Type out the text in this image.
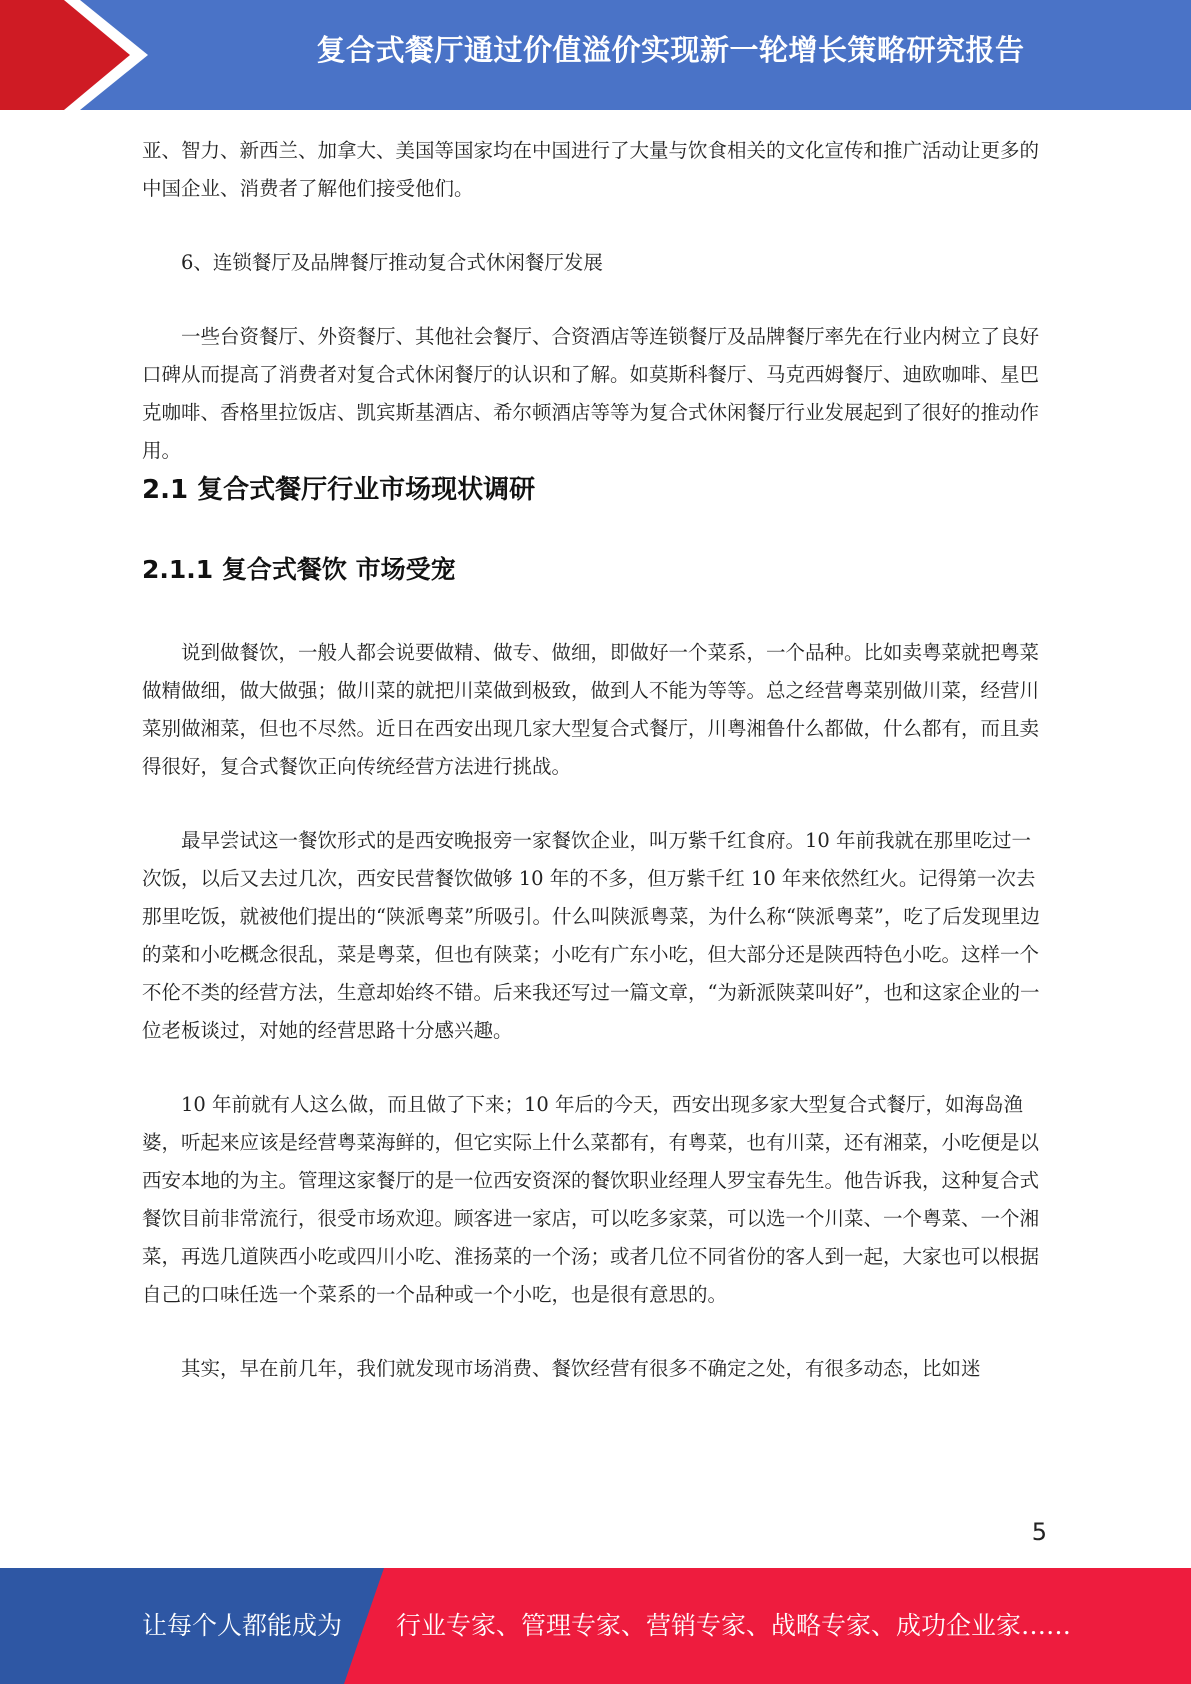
复合式餐厅通过价值溢价实现新一轮增长策略研究报告

亚、智力、新西兰、加拿大、美国等国家均在中国进行了大量与饮食相关的文化宣传和推广活动让更多的中国企业、消费者了解他们接受他们。

6、连锁餐厅及品牌餐厅推动复合式休闲餐厅发展

一些台资餐厅、外资餐厅、其他社会餐厅、合资酒店等连锁餐厅及品牌餐厅率先在行业内树立了良好口碑从而提高了消费者对复合式休闲餐厅的认识和了解。如莫斯科餐厅、马克西姆餐厅、迪欧咖啡、星巴克咖啡、香格里拉饭店、凯宾斯基酒店、希尔顿酒店等等为复合式休闲餐厅行业发展起到了很好的推动作用。

2.1 复合式餐厅行业市场现状调研
2.1.1 复合式餐饮 市场受宠

说到做餐饮，一般人都会说要做精、做专、做细，即做好一个菜系，一个品种。比如卖粤菜就把粤菜做精做细，做大做强；做川菜的就把川菜做到极致，做到人不能为等等。总之经营粤菜别做川菜，经营川菜别做湘菜，但也不尽然。近日在西安出现几家大型复合式餐厅，川粤湘鲁什么都做，什么都有，而且卖得很好，复合式餐饮正向传统经营方法进行挑战。

最早尝试这一餐饮形式的是西安晚报旁一家餐饮企业，叫万紫千红食府。10 年前我就在那里吃过一次饭，以后又去过几次，西安民营餐饮做够 10 年的不多，但万紫千红 10 年来依然红火。记得第一次去那里吃饭，就被他们提出的“陕派粤菜”所吸引。什么叫陕派粤菜，为什么称“陕派粤菜”，吃了后发现里边的菜和小吃概念很乱，菜是粤菜，但也有陕菜；小吃有广东小吃，但大部分还是陕西特色小吃。这样一个不伦不类的经营方法，生意却始终不错。后来我还写过一篇文章，“为新派陕菜叫好”，也和这家企业的一位老板谈过，对她的经营思路十分感兴趣。

10 年前就有人这么做，而且做了下来；10 年后的今天，西安出现多家大型复合式餐厅，如海岛渔婆，听起来应该是经营粤菜海鲜的，但它实际上什么菜都有，有粤菜，也有川菜，还有湘菜，小吃便是以西安本地的为主。管理这家餐厅的是一位西安资深的餐饮职业经理人罗宝春先生。他告诉我，这种复合式餐饮目前非常流行，很受市场欢迎。顾客进一家店，可以吃多家菜，可以选一个川菜、一个粤菜、一个湘菜，再选几道陕西小吃或四川小吃、淮扬菜的一个汤；或者几位不同省份的客人到一起，大家也可以根据自己的口味任选一个菜系的一个品种或一个小吃，也是很有意思的。

其实，早在前几年，我们就发现市场消费、餐饮经营有很多不确定之处，有很多动态，比如迷

5
让每个人都能成为 行业专家、管理专家、营销专家、战略专家、成功企业家……
